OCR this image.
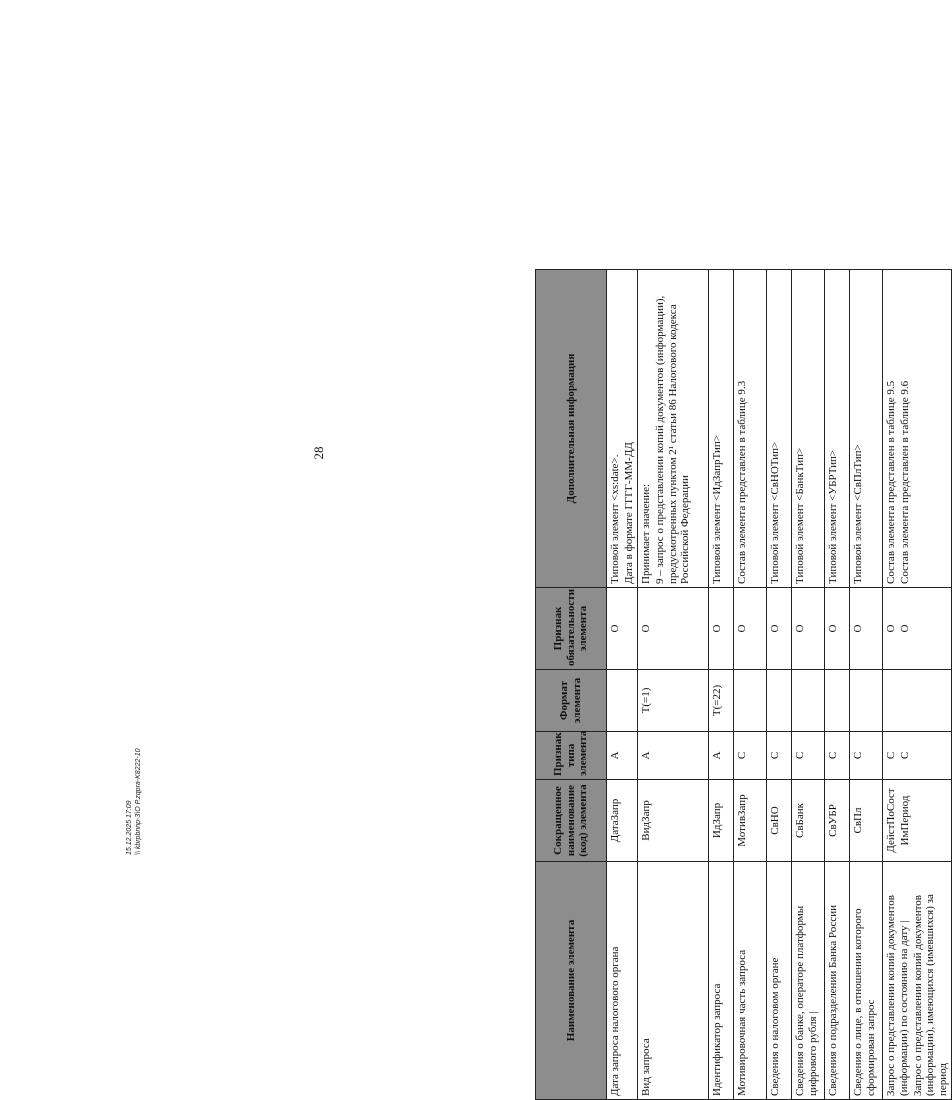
28
Наименование элемента	Сокращенное наименование (код) элемента	Признак типа элемента	Формат элемента	Признак обязательности элемента	Дополнительная информация
Дата запроса налогового органа	ДатаЗапр	А		О	Типовой элемент <xs:date>. Дата в формате ГГГГ-ММ-ДД

Вид запроса	ВидЗапр	А	Т(=1)	О	Принимает значение: 9 – запрос о представлении копий документов (информации), предусмотренных пунктом 2¹ статьи 86 Налогового кодекса Российской Федерации

Идентификатор запроса	ИдЗапр	А	Т(=22)	О	Типовой элемент <ИдЗапрТип>
Мотивировочная часть запроса	МотивЗапр	С		О	Состав элемента представлен в таблице 9.3
Сведения о налоговом органе	СвНО	С		О	Типовой элемент <СвНОТип>
Сведения о банке, операторе платформы цифрового рубля |	СвБанк	С		О	Типовой элемент <БанкТип>
Сведения о подразделении Банка России	СвУБР	С		О	Типовой элемент <УБРТип>
Сведения о лице, в отношении которого сформирован запрос	СвПл	С		О	Типовой элемент <СвПлТип>

Запрос о представлении копий документов (информации) по состоянию на дату | Запрос о представлении копий документов (информации), имеющихся (имевшихся) за период	ДейстПоСост ИмПериод	С С		О О	Состав элемента представлен в таблице 9.5 Состав элемента представлен в таблице 9.6
15.12.2025 17:09 \\ kbrpbnnp-3\O P.zqpra-K8222-10
